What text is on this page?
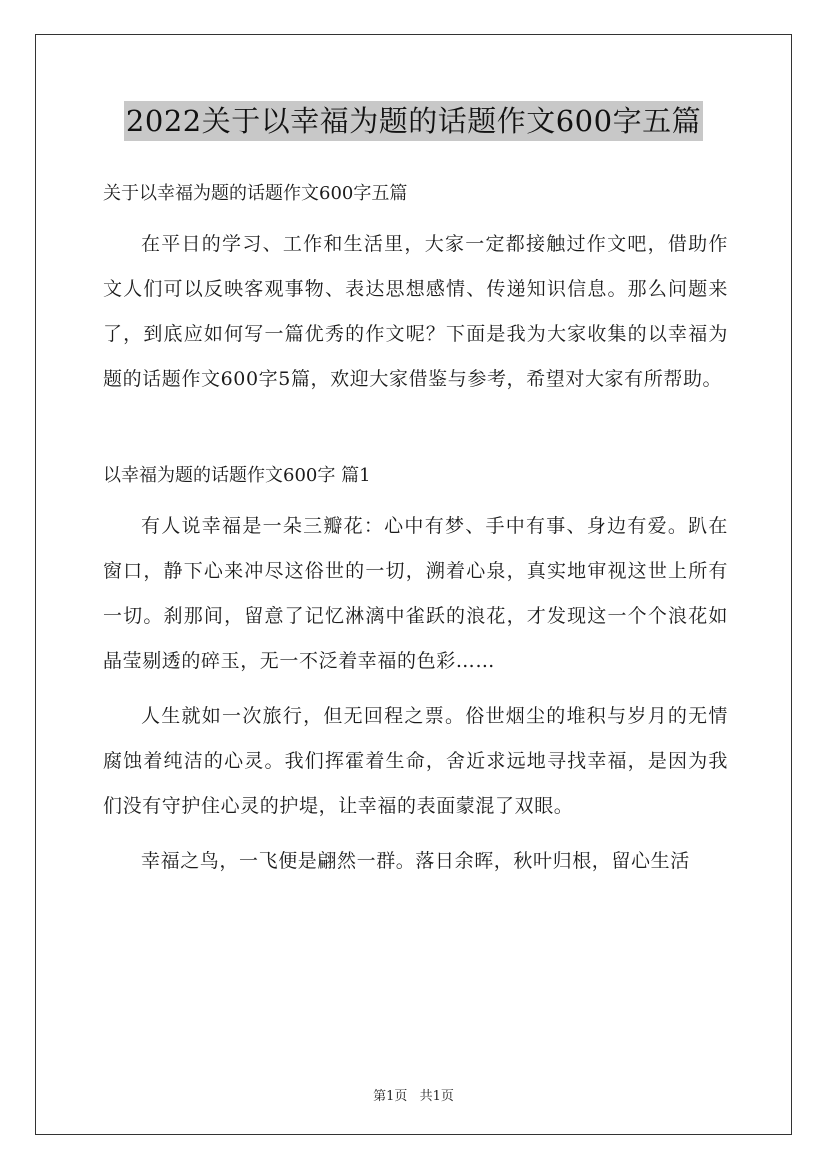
2022关于以幸福为题的话题作文600字五篇

关于以幸福为题的话题作文600字五篇

在平日的学习、工作和生活里，大家一定都接触过作文吧，借助作文人们可以反映客观事物、表达思想感情、传递知识信息。那么问题来了，到底应如何写一篇优秀的作文呢？下面是我为大家收集的以幸福为题的话题作文600字5篇，欢迎大家借鉴与参考，希望对大家有所帮助。

以幸福为题的话题作文600字 篇1

有人说幸福是一朵三瓣花：心中有梦、手中有事、身边有爱。趴在窗口，静下心来冲尽这俗世的一切，溯着心泉，真实地审视这世上所有一切。刹那间，留意了记忆淋漓中雀跃的浪花，才发现这一个个浪花如晶莹剔透的碎玉，无一不泛着幸福的色彩……

人生就如一次旅行，但无回程之票。俗世烟尘的堆积与岁月的无情腐蚀着纯洁的心灵。我们挥霍着生命，舍近求远地寻找幸福，是因为我们没有守护住心灵的护堤，让幸福的表面蒙混了双眼。

幸福之鸟，一飞便是翩然一群。落日余晖，秋叶归根，留心生活

第1页 共1页
